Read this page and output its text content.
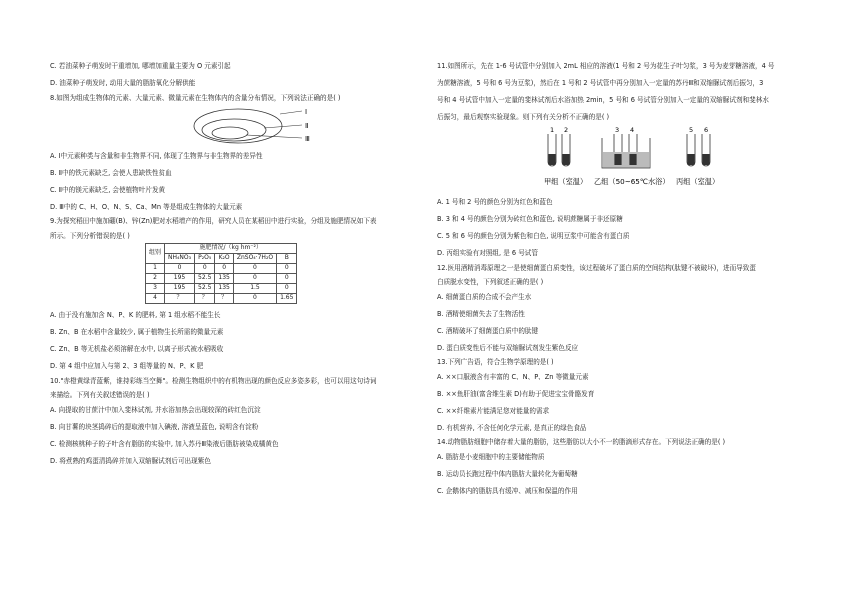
C. 若油菜种子萌发时干重增加, 哪增加重量主要为 O 元素引起

D. 油菜种子萌发时, 动用大量的脂肪氧化分解供能

8.如图为组成生物体的元素、大量元素、微量元素在生物体内的含量分布情况，下列说法正确的是( )

Ⅰ
Ⅱ
Ⅲ

A. Ⅰ中元素种类与含量和非生物界不同, 体现了生物界与非生物界的差异性

B. Ⅱ中的铁元素缺乏, 会使人患缺铁性贫血

C. Ⅱ中的镁元素缺乏, 会使植物叶片发黄

D. Ⅲ中的 C、H、O、N、S、Ca、Mn 等是组成生物体的大量元素

9.为探究稻田中施加硼(B)、锌(Zn)肥对水稻增产的作用，研究人员在某稻田中进行实验，分组及施肥情况如下表

所示。下列分析错误的是( )

组别	施肥情况/（kg hm⁻²）				
	NH₄NO₃	P₂O₅	K₂O	ZnSO₄·7H₂O	B
1	0	0	0	0	0
2	195	52.5	135	0	0
3	195	52.5	135	1.5	0
4	？	？	？	0	1.65

A. 由于没有施加含 N、P、K 的肥料, 第 1 组水稻不能生长

B. Zn、B 在水稻中含量较少, 属于植物生长所需的微量元素

C. Zn、B 等无机盐必须溶解在水中, 以离子形式被水稻吸收

D. 第 4 组中应加入与第 2、3 组等量的 N、P、K 肥

10."赤橙黄绿青蓝紫，谁持彩练当空舞"。检测生物组织中的有机物出现的颜色反应多姿多彩，也可以用这句诗词

来描绘。下列有关叙述错误的是( )

A. 向提取的甘蔗汁中加入斐林试剂, 并水浴加热会出现较深的砖红色沉淀

B. 向甘薯的块茎捣碎后的提取液中加入碘液, 溶液呈蓝色, 说明含有淀粉

C. 检测核桃种子的子叶含有脂肪的实验中, 加入苏丹Ⅲ染液后脂肪被染成橘黄色

D. 将煮熟的鸡蛋清捣碎并加入双缩脲试剂后可出现紫色

11.如图所示，先在 1-6 号试管中分别加入 2mL 相应的溶液(1 号和 2 号为花生子叶匀浆，3 号为麦芽糖溶液，4 号

为蔗糖溶液，5 号和 6 号为豆浆)，然后在 1 号和 2 号试管中再分别加入一定量的苏丹Ⅲ和双缩脲试剂后振匀，3

号和 4 号试管中加入一定量的斐林试剂后水浴加热 2min，5 号和 6 号试管分别加入一定量的双缩脲试剂和斐林水

后振匀，最后观察实验现象。则下列有关分析不正确的是( )

1 2	3 4	5 6
甲组（室温） 乙组（50~65℃水浴） 丙组（室温）

A. 1 号和 2 号的颜色分别为红色和蓝色

B. 3 和 4 号的颜色分别为砖红色和蓝色, 说明蔗糖属于非还原糖

C. 5 和 6 号的颜色分别为紫色和白色, 说明豆浆中可能含有蛋白质

D. 丙组实验有对照组, 是 6 号试管

12.医用酒精消毒原理之一是使细菌蛋白质变性，该过程破坏了蛋白质的空间结构(肽键不被破坏)，进而导致蛋

白质脱水变性，下列叙述正确的是( )

A. 细菌蛋白质的合成不会产生水

B. 酒精使细菌失去了生物活性

C. 酒精破坏了细菌蛋白质中的肽键

D. 蛋白质变性后不能与双缩脲试剂发生紫色反应

13.下列广告语，符合生物学原理的是( )

A. ××口服液含有丰富的 C、N、P、Zn 等微量元素

B. ××鱼肝油(富含维生素 D)有助于促进宝宝骨骼发育

C. ××纤维素片能满足您对能量的需求

D. 有机营养, 不含任何化学元素, 是真正的绿色食品

14.动物脂肪细胞中储存着大量的脂肪，这些脂肪以大小不一的脂滴形式存在。下列说法正确的是( )

A. 脂肪是小麦细胞中的主要储能物质

B. 运动员长跑过程中体内脂肪大量转化为葡萄糖

C. 企鹅体内的脂肪具有缓冲、减压和保温的作用
